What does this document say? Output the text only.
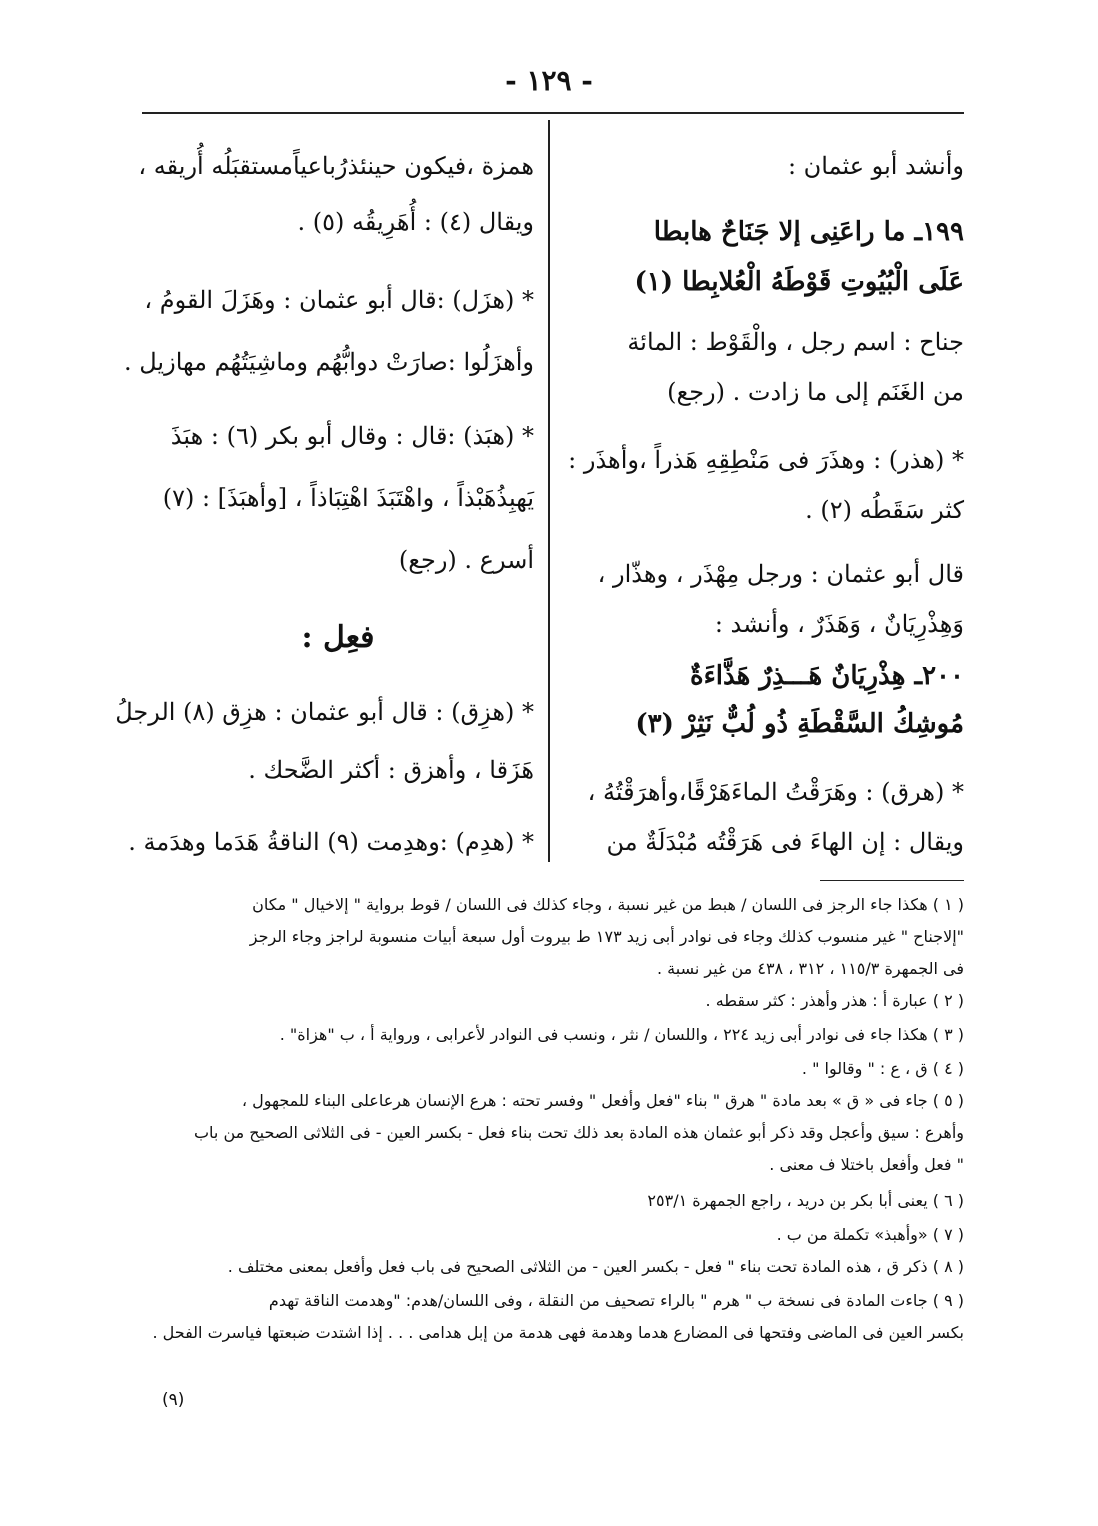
- ١٢٩ -
وأنشد أبو عثمان :
١٩٩ـ ما راعَنِى إلا جَنَاحٌ هابطا
عَلَى الْبُيُوتِ قَوْطَهُ الْعُلابِطا (١)
جناح : اسم رجل ، والْقَوْط : المائة
من الغَنَم إلى ما زادت . (رجع)
* (هذر) : وهذَرَ فى مَنْطِقِهِ هَذراً ،وأهذَر :
كثر سَقَطُه (٢) .
قال أبو عثمان : ورجل مِهْذَر ، وهذّار ،
وَهِذْرِيَانٌ ، وَهَذَرٌ ، وأنشد :
٢٠٠ـ هِذْرِيَانٌ هَـــذِرٌ هَذَّاءَةٌ
مُوشِكُ السَّقْطَةِ ذُو لُبٌّ نَثِرْ (٣)
* (هرق) : وهَرَقْتُ الماءَهَرْقًا،وأهرَقْتُهُ ،
ويقال : إن الهاءَ فى هَرَقْتُه مُبْدَلَةٌ من
همزة ،فيكون حينئذرُباعياًمستقبَلُه أُريقه ،
ويقال (٤) : أُهَرِيقُه (٥) .
* (هزَل) :قال أبو عثمان : وهَزَلَ القومُ ،
وأهزَلُوا :صارَتْ دوابُّهُم وماشِيَتُهُم مهازيل .
* (هبَذ) :قال : وقال أبو بكر (٦) : هبَذَ
يَهبِذُهَبْذاً ، واهْتَبَذَ اهْتِبَاذاً ، [وأهبَذَ] : (٧)
أسرع . (رجع)
فعِل :
* (هزِق) : قال أبو عثمان : هزِق (٨) الرجلُ
هَزَقا ، وأهزق : أكثر الضَّحك .
* (هدِم) :وهدِمت (٩) الناقةُ هَدَما وهدَمة .
( ١ ) هكذا جاء الرجز فى اللسان / هبط من غير نسبة ، وجاء كذلك فى اللسان / قوط برواية " إلاخيال " مكان
"إلاجناح " غير منسوب كذلك وجاء فى نوادر أبى زيد ١٧٣ ط بيروت أول سبعة أبيات منسوبة لراجز وجاء الرجز
فى الجمهرة ١١٥/٣ ، ٣١٢ ، ٤٣٨ من غير نسبة .
( ٢ ) عبارة أ : هذر وأهذر : كثر سقطه .
( ٣ ) هكذا جاء فى نوادر أبى زيد ٢٢٤ ، واللسان / نثر ، ونسب فى النوادر لأعرابى ، ورواية أ ، ب "هزاة" .
( ٤ ) ق ، ع : " وقالوا " .
( ٥ ) جاء فى « ق » بعد مادة " هرق " بناء "فعل وأفعل " وفسر تحته : هرع الإنسان هرعاعلى البناء للمجهول ،
وأهرع : سيق وأعجل وقد ذكر أبو عثمان هذه المادة بعد ذلك تحت بناء فعل - بكسر العين - فى الثلاثى الصحيح من باب
" فعل وأفعل باختلا ف معنى .
( ٦ ) يعنى أبا بكر بن دريد ، راجع الجمهرة ٢٥٣/١
( ٧ ) «وأهبذ» تكملة من ب .
( ٨ ) ذكر ق ، هذه المادة تحت بناء " فعل - بكسر العين - من الثلاثى الصحيح فى باب فعل وأفعل بمعنى مختلف .
( ٩ ) جاءت المادة فى نسخة ب " هرم " بالراء تصحيف من النقلة ، وفى اللسان/هدم: "وهدمت الناقة تهدم
بكسر العين فى الماضى وفتحها فى المضارع هدما وهدمة فهى هدمة من إبل هدامى . . . إذا اشتدت ضبعتها فياسرت الفحل .
(٩)
